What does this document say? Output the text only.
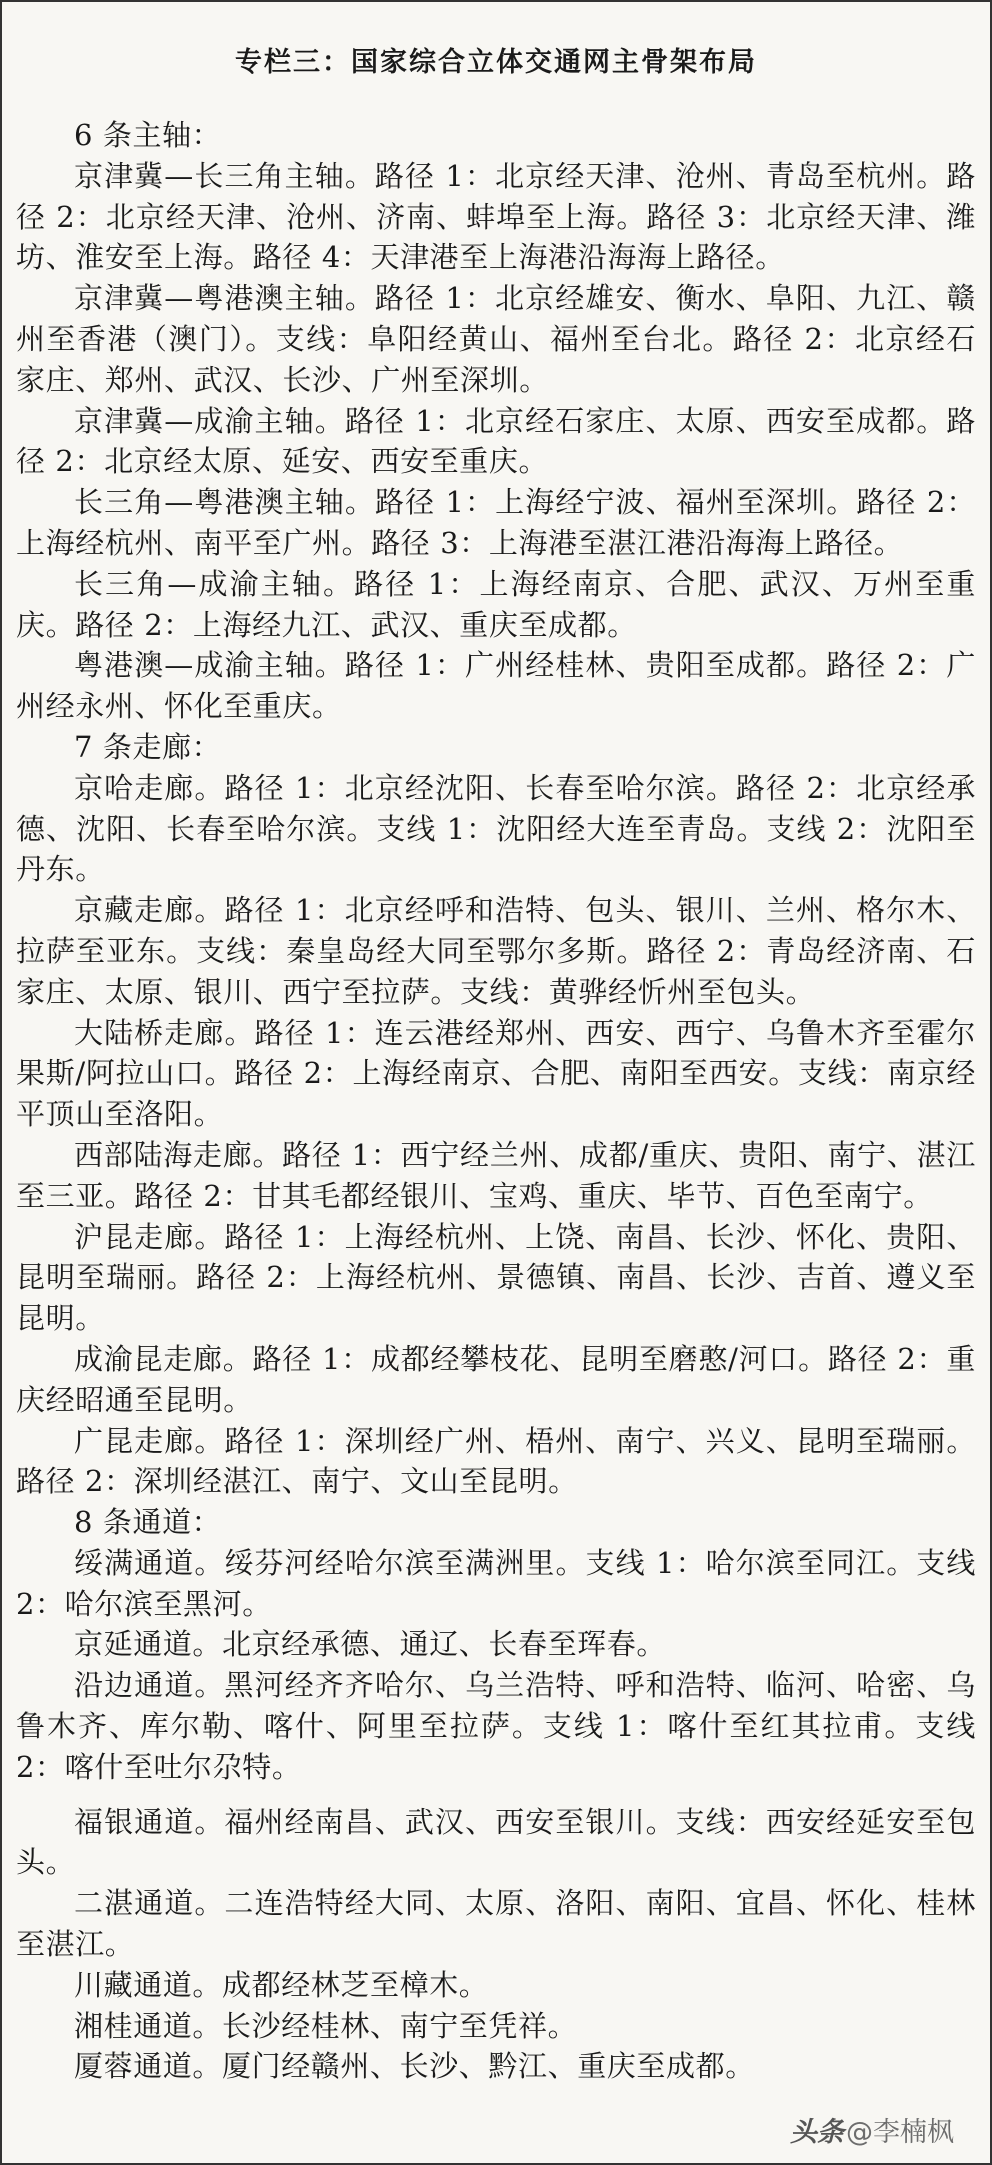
专栏三：国家综合立体交通网主骨架布局

6 条主轴：

京津冀—长三角主轴。路径 1：北京经天津、沧州、青岛至杭州。路径 2：北京经天津、沧州、济南、蚌埠至上海。路径 3：北京经天津、潍坊、淮安至上海。路径 4：天津港至上海港沿海海上路径。

京津冀—粤港澳主轴。路径 1：北京经雄安、衡水、阜阳、九江、赣州至香港（澳门）。支线：阜阳经黄山、福州至台北。路径 2：北京经石家庄、郑州、武汉、长沙、广州至深圳。

京津冀—成渝主轴。路径 1：北京经石家庄、太原、西安至成都。路径 2：北京经太原、延安、西安至重庆。

长三角—粤港澳主轴。路径 1：上海经宁波、福州至深圳。路径 2：上海经杭州、南平至广州。路径 3：上海港至湛江港沿海海上路径。

长三角—成渝主轴。路径 1：上海经南京、合肥、武汉、万州至重庆。路径 2：上海经九江、武汉、重庆至成都。

粤港澳—成渝主轴。路径 1：广州经桂林、贵阳至成都。路径 2：广州经永州、怀化至重庆。

7 条走廊：

京哈走廊。路径 1：北京经沈阳、长春至哈尔滨。路径 2：北京经承德、沈阳、长春至哈尔滨。支线 1：沈阳经大连至青岛。支线 2：沈阳至丹东。

京藏走廊。路径 1：北京经呼和浩特、包头、银川、兰州、格尔木、拉萨至亚东。支线：秦皇岛经大同至鄂尔多斯。路径 2：青岛经济南、石家庄、太原、银川、西宁至拉萨。支线：黄骅经忻州至包头。

大陆桥走廊。路径 1：连云港经郑州、西安、西宁、乌鲁木齐至霍尔果斯/阿拉山口。路径 2：上海经南京、合肥、南阳至西安。支线：南京经平顶山至洛阳。

西部陆海走廊。路径 1：西宁经兰州、成都/重庆、贵阳、南宁、湛江至三亚。路径 2：甘其毛都经银川、宝鸡、重庆、毕节、百色至南宁。

沪昆走廊。路径 1：上海经杭州、上饶、南昌、长沙、怀化、贵阳、昆明至瑞丽。路径 2：上海经杭州、景德镇、南昌、长沙、吉首、遵义至昆明。

成渝昆走廊。路径 1：成都经攀枝花、昆明至磨憨/河口。路径 2：重庆经昭通至昆明。

广昆走廊。路径 1：深圳经广州、梧州、南宁、兴义、昆明至瑞丽。路径 2：深圳经湛江、南宁、文山至昆明。

8 条通道：

绥满通道。绥芬河经哈尔滨至满洲里。支线 1：哈尔滨至同江。支线 2：哈尔滨至黑河。

京延通道。北京经承德、通辽、长春至珲春。

沿边通道。黑河经齐齐哈尔、乌兰浩特、呼和浩特、临河、哈密、乌鲁木齐、库尔勒、喀什、阿里至拉萨。支线 1：喀什至红其拉甫。支线 2：喀什至吐尔尕特。

福银通道。福州经南昌、武汉、西安至银川。支线：西安经延安至包头。

二湛通道。二连浩特经大同、太原、洛阳、南阳、宜昌、怀化、桂林至湛江。

川藏通道。成都经林芝至樟木。

湘桂通道。长沙经桂林、南宁至凭祥。

厦蓉通道。厦门经赣州、长沙、黔江、重庆至成都。

头条 @李楠枫
